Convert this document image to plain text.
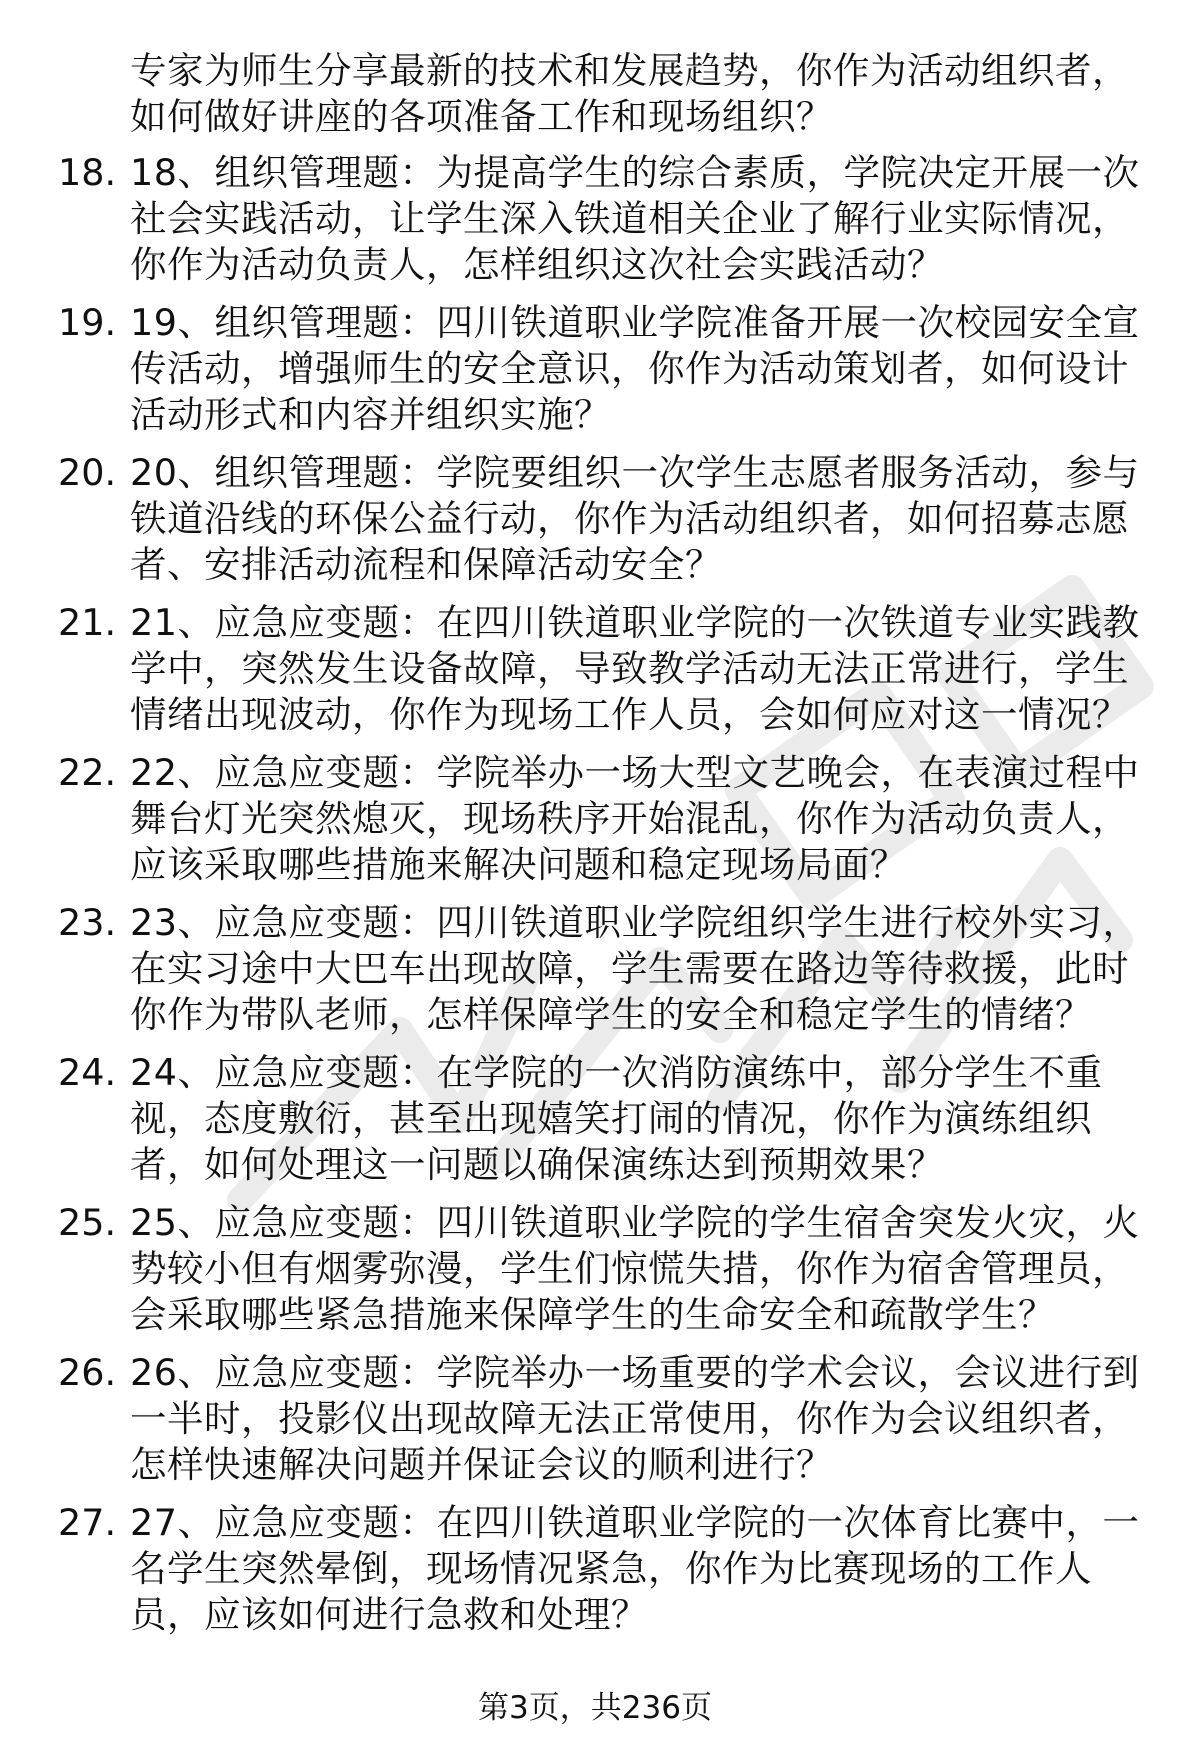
专家为师生分享最新的技术和发展趋势，你作为活动组织者，如何做好讲座的各项准备工作和现场组织？
18. 18、组织管理题：为提高学生的综合素质，学院决定开展一次社会实践活动，让学生深入铁道相关企业了解行业实际情况，你作为活动负责人，怎样组织这次社会实践活动？
19. 19、组织管理题：四川铁道职业学院准备开展一次校园安全宣传活动，增强师生的安全意识，你作为活动策划者，如何设计活动形式和内容并组织实施？
20. 20、组织管理题：学院要组织一次学生志愿者服务活动，参与铁道沿线的环保公益行动，你作为活动组织者，如何招募志愿者、安排活动流程和保障活动安全？
21. 21、应急应变题：在四川铁道职业学院的一次铁道专业实践教学中，突然发生设备故障，导致教学活动无法正常进行，学生情绪出现波动，你作为现场工作人员，会如何应对这一情况？
22. 22、应急应变题：学院举办一场大型文艺晚会，在表演过程中舞台灯光突然熄灭，现场秩序开始混乱，你作为活动负责人，应该采取哪些措施来解决问题和稳定现场局面？
23. 23、应急应变题：四川铁道职业学院组织学生进行校外实习，在实习途中大巴车出现故障，学生需要在路边等待救援，此时你作为带队老师，怎样保障学生的安全和稳定学生的情绪？
24. 24、应急应变题：在学院的一次消防演练中，部分学生不重视，态度敷衍，甚至出现嬉笑打闹的情况，你作为演练组织者，如何处理这一问题以确保演练达到预期效果？
25. 25、应急应变题：四川铁道职业学院的学生宿舍突发火灾，火势较小但有烟雾弥漫，学生们惊慌失措，你作为宿舍管理员，会采取哪些紧急措施来保障学生的生命安全和疏散学生？
26. 26、应急应变题：学院举办一场重要的学术会议，会议进行到一半时，投影仪出现故障无法正常使用，你作为会议组织者，怎样快速解决问题并保证会议的顺利进行？
27. 27、应急应变题：在四川铁道职业学院的一次体育比赛中，一名学生突然晕倒，现场情况紧急，你作为比赛现场的工作人员，应该如何进行急救和处理？
第3页，共236页
